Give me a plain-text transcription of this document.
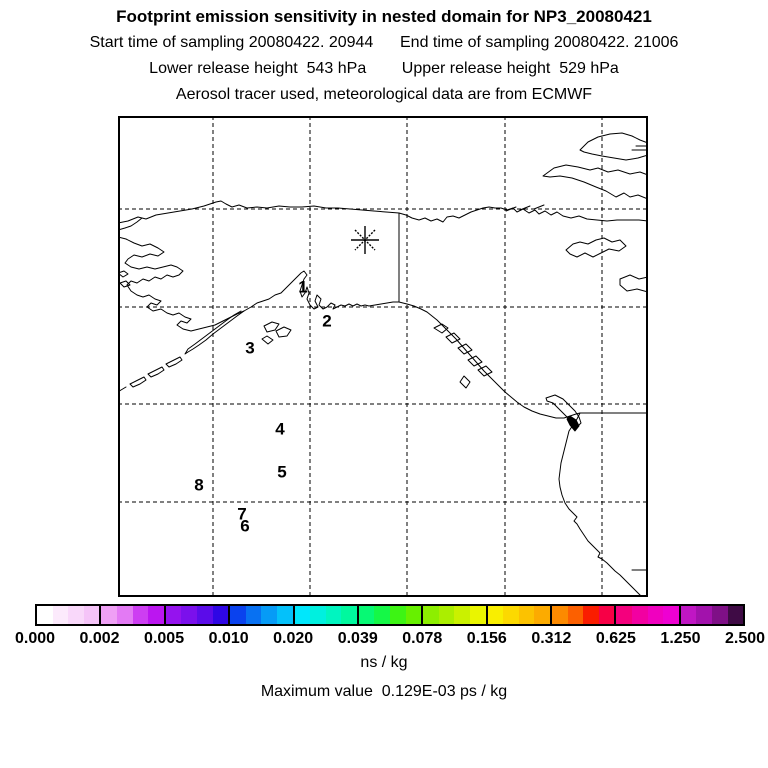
Footprint emission sensitivity in nested domain for NP3_20080421
Start time of sampling 20080422. 20944      End time of sampling 20080422. 21006
Lower release height  543 hPa        Upper release height  529 hPa
Aerosol tracer used, meteorological data are from ECMWF
1
2
3
4
5
6
7
8
0.000 0.002 0.005 0.010 0.020 0.039 0.078 0.156 0.312 0.625 1.250 2.500
ns / kg
Maximum value  0.129E-03 ps / kg
